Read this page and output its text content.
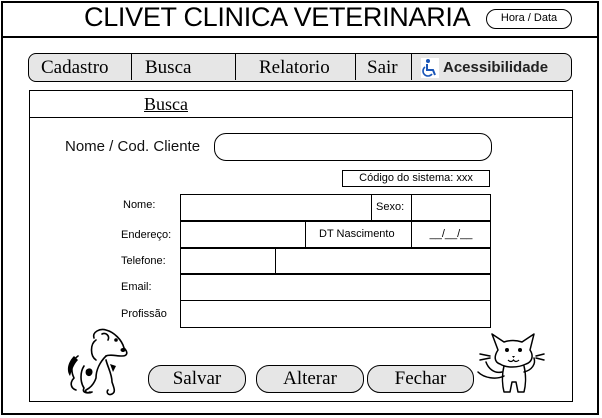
CLIVET CLINICA VETERINARIA	Hora / Data
Cadastro Busca	Relatorio Sair	Acessibilidade
Busca
Nome / Cod. Cliente
Código do sistema: xxx
Nome:	Sexo:
Endereço:	DT Nascimento	__/__/__
Telefone:
Email:
Profissão
Salvar	Alterar	Fechar
